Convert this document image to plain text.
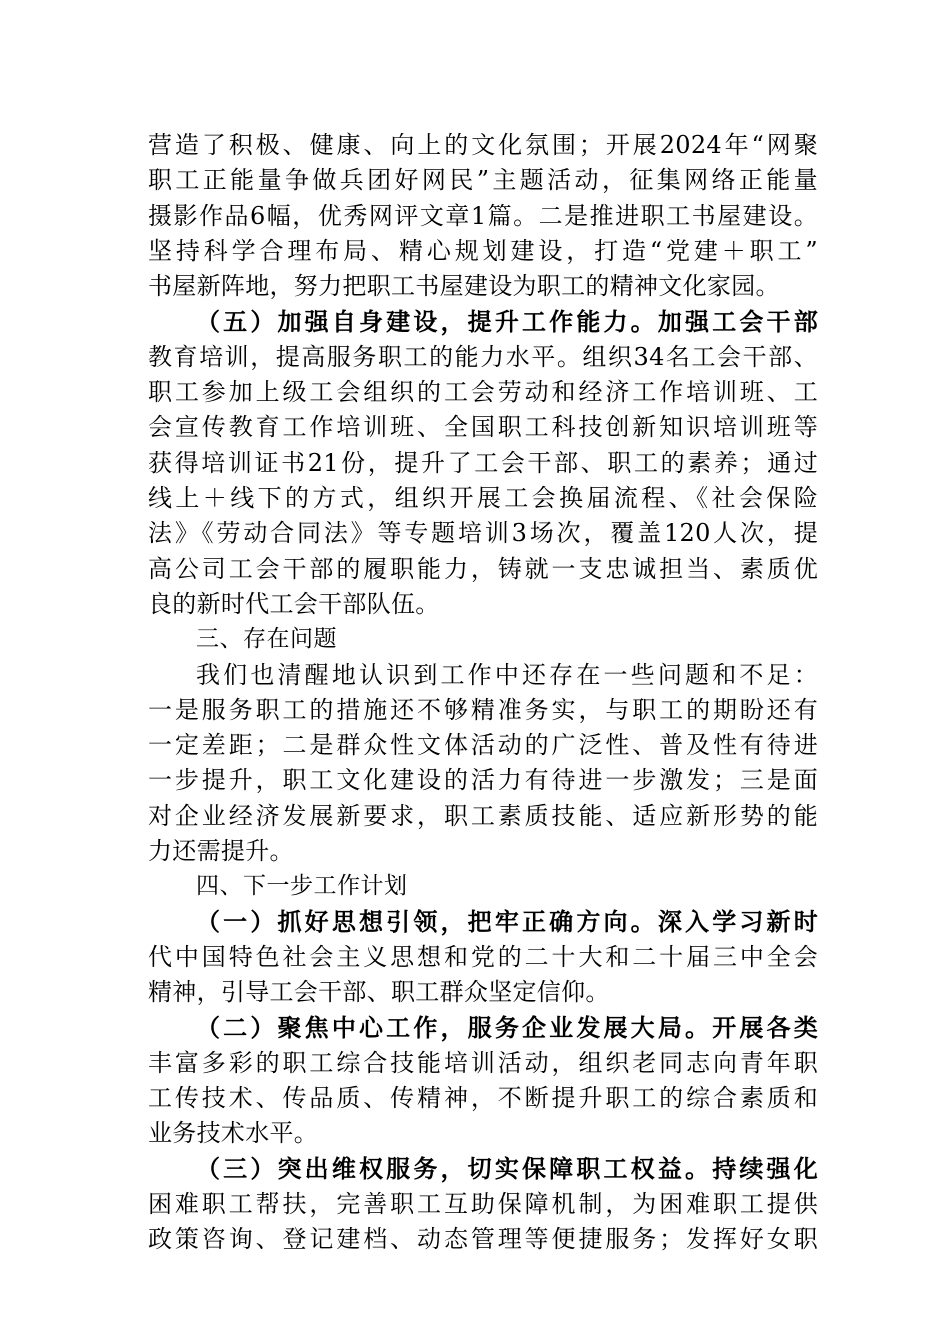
营造了积极、健康、向上的文化氛围；开展2024年“网聚
职工正能量争做兵团好网民”主题活动，征集网络正能量
摄影作品6幅，优秀网评文章1篇。二是推进职工书屋建设。
坚持科学合理布局、精心规划建设，打造“党建＋职工”
书屋新阵地，努力把职工书屋建设为职工的精神文化家园。
（五）加强自身建设，提升工作能力。加强工会干部
教育培训，提高服务职工的能力水平。组织34名工会干部、
职工参加上级工会组织的工会劳动和经济工作培训班、工
会宣传教育工作培训班、全国职工科技创新知识培训班等
获得培训证书21份，提升了工会干部、职工的素养；通过
线上＋线下的方式，组织开展工会换届流程、《社会保险
法》《劳动合同法》等专题培训3场次，覆盖120人次，提
高公司工会干部的履职能力，铸就一支忠诚担当、素质优
良的新时代工会干部队伍。
三、存在问题
我们也清醒地认识到工作中还存在一些问题和不足：
一是服务职工的措施还不够精准务实，与职工的期盼还有
一定差距；二是群众性文体活动的广泛性、普及性有待进
一步提升，职工文化建设的活力有待进一步激发；三是面
对企业经济发展新要求，职工素质技能、适应新形势的能
力还需提升。
四、下一步工作计划
（一）抓好思想引领，把牢正确方向。深入学习新时
代中国特色社会主义思想和党的二十大和二十届三中全会
精神，引导工会干部、职工群众坚定信仰。
（二）聚焦中心工作，服务企业发展大局。开展各类
丰富多彩的职工综合技能培训活动，组织老同志向青年职
工传技术、传品质、传精神，不断提升职工的综合素质和
业务技术水平。
（三）突出维权服务，切实保障职工权益。持续强化
困难职工帮扶，完善职工互助保障机制，为困难职工提供
政策咨询、登记建档、动态管理等便捷服务；发挥好女职
